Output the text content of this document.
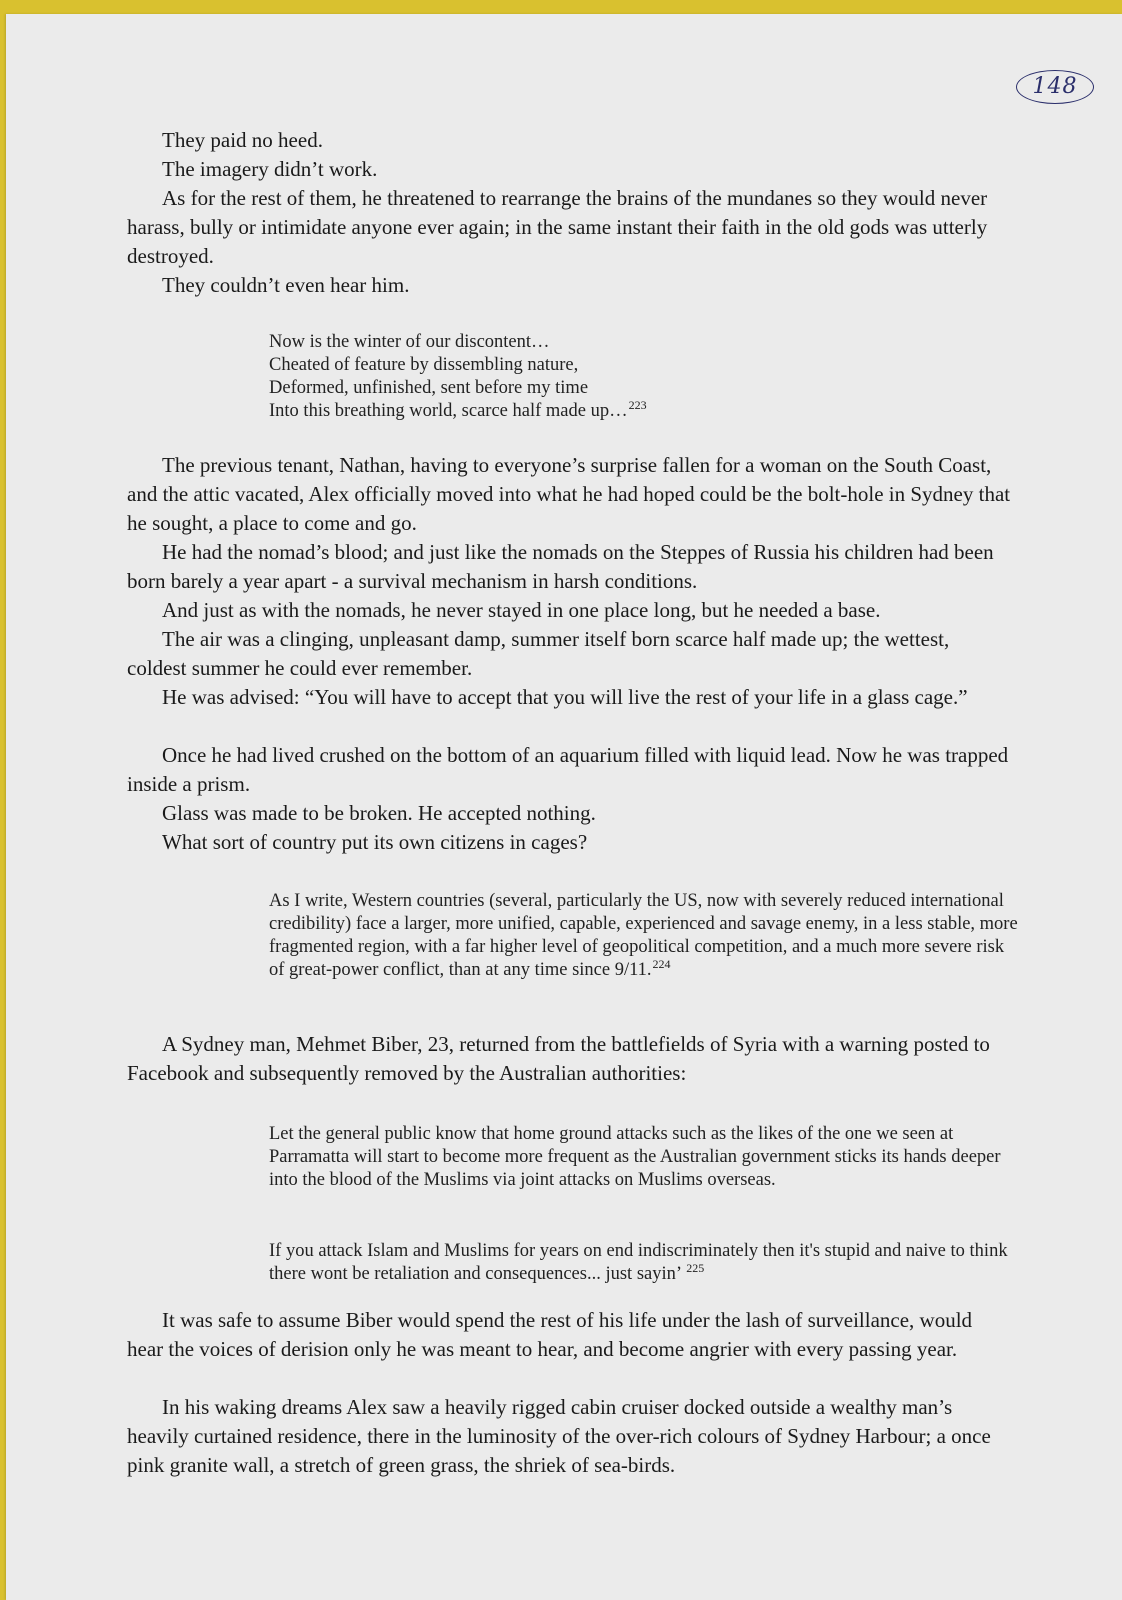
148

They paid no heed.

The imagery didn’t work.

As for the rest of them, he threatened to rearrange the brains of the mundanes so they would never harass, bully or intimidate anyone ever again; in the same instant their faith in the old gods was utterly destroyed.

They couldn’t even hear him.

Now is the winter of our discontent…
Cheated of feature by dissembling nature,
Deformed, unfinished, sent before my time
Into this breathing world, scarce half made up…$^{223}$

The previous tenant, Nathan, having to everyone’s surprise fallen for a woman on the South Coast, and the attic vacated, Alex officially moved into what he had hoped could be the bolt-hole in Sydney that he sought, a place to come and go.

He had the nomad’s blood; and just like the nomads on the Steppes of Russia his children had been born barely a year apart - a survival mechanism in harsh conditions.

And just as with the nomads, he never stayed in one place long, but he needed a base.

The air was a clinging, unpleasant damp, summer itself born scarce half made up; the wettest, coldest summer he could ever remember.

He was advised: “You will have to accept that you will live the rest of your life in a glass cage.”

Once he had lived crushed on the bottom of an aquarium filled with liquid lead. Now he was trapped inside a prism.

Glass was made to be broken. He accepted nothing.

What sort of country put its own citizens in cages?

As I write, Western countries (several, particularly the US, now with severely reduced international credibility) face a larger, more unified, capable, experienced and savage enemy, in a less stable, more fragmented region, with a far higher level of geopolitical competition, and a much more severe risk of great-power conflict, than at any time since 9/11.$^{224}$

A Sydney man, Mehmet Biber, 23, returned from the battlefields of Syria with a warning posted to Facebook and subsequently removed by the Australian authorities:

Let the general public know that home ground attacks such as the likes of the one we seen at Parramatta will start to become more frequent as the Australian government sticks its hands deeper into the blood of the Muslims via joint attacks on Muslims overseas.

If you attack Islam and Muslims for years on end indiscriminately then it's stupid and naive to think there wont be retaliation and consequences... just sayin’ $^{225}$

It was safe to assume Biber would spend the rest of his life under the lash of surveillance, would hear the voices of derision only he was meant to hear, and become angrier with every passing year.

In his waking dreams Alex saw a heavily rigged cabin cruiser docked outside a wealthy man’s heavily curtained residence, there in the luminosity of the over-rich colours of Sydney Harbour; a once pink granite wall, a stretch of green grass, the shriek of sea-birds.
